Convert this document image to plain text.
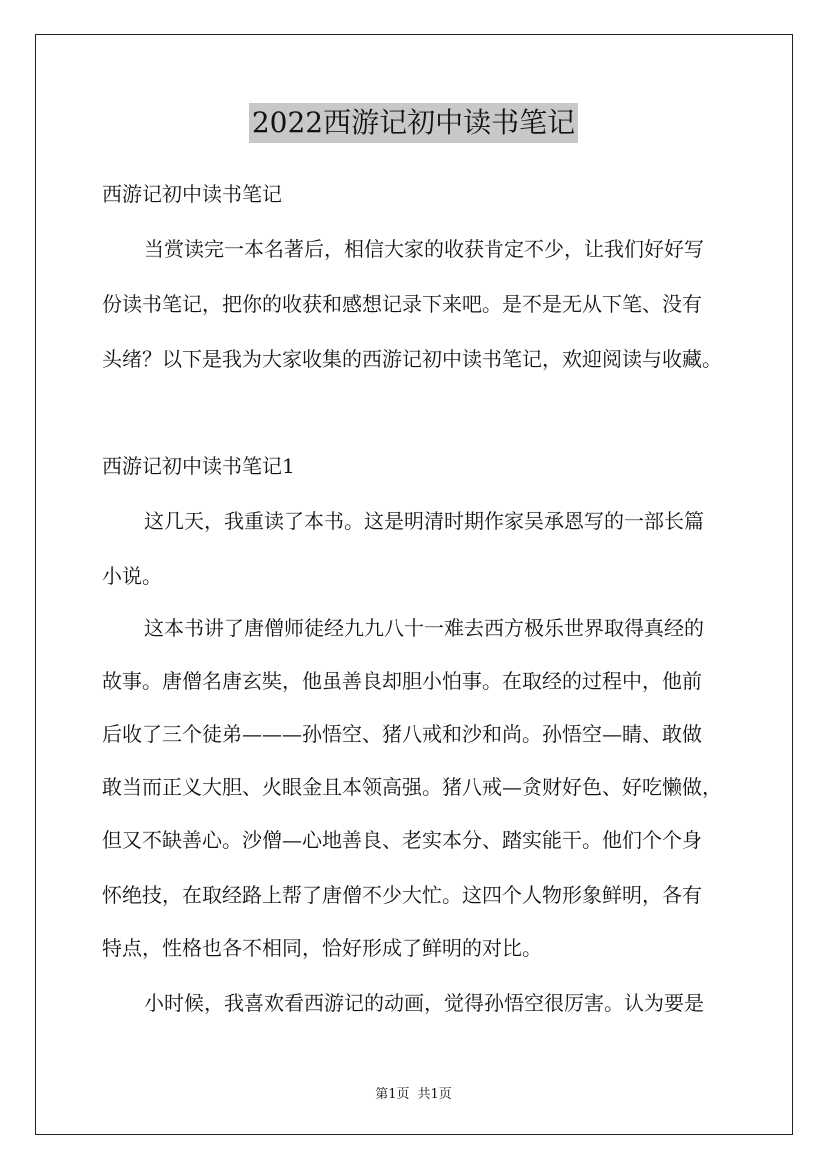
2022西游记初中读书笔记
西游记初中读书笔记
当赏读完一本名著后，相信大家的收获肯定不少，让我们好好写
份读书笔记，把你的收获和感想记录下来吧。是不是无从下笔、没有
头绪？以下是我为大家收集的西游记初中读书笔记，欢迎阅读与收藏。
西游记初中读书笔记1
这几天，我重读了本书。这是明清时期作家吴承恩写的一部长篇
小说。
这本书讲了唐僧师徒经九九八十一难去西方极乐世界取得真经的
故事。唐僧名唐玄奘，他虽善良却胆小怕事。在取经的过程中，他前
后收了三个徒弟———孙悟空、猪八戒和沙和尚。孙悟空—睛、敢做
敢当而正义大胆、火眼金且本领高强。猪八戒—贪财好色、好吃懒做，
但又不缺善心。沙僧—心地善良、老实本分、踏实能干。他们个个身
怀绝技，在取经路上帮了唐僧不少大忙。这四个人物形象鲜明，各有
特点，性格也各不相同，恰好形成了鲜明的对比。
小时候，我喜欢看西游记的动画，觉得孙悟空很厉害。认为要是
第1页 共1页
